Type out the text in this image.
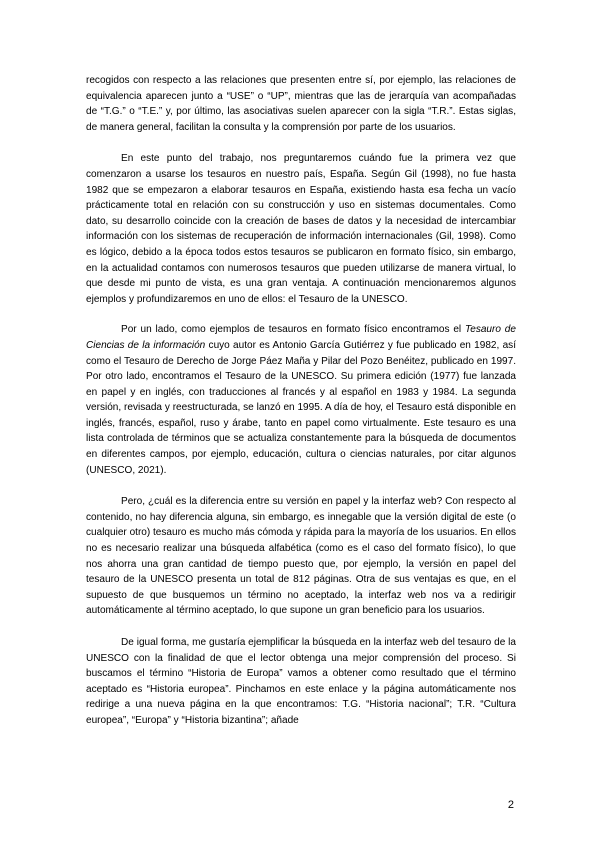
recogidos con respecto a las relaciones que presenten entre sí, por ejemplo, las relaciones de equivalencia aparecen junto a “USE” o “UP”, mientras que las de jerarquía van acompañadas de “T.G.” o “T.E.” y, por último, las asociativas suelen aparecer con la sigla “T.R.”. Estas siglas, de manera general, facilitan la consulta y la comprensión por parte de los usuarios.

En este punto del trabajo, nos preguntaremos cuándo fue la primera vez que comenzaron a usarse los tesauros en nuestro país, España. Según Gil (1998), no fue hasta 1982 que se empezaron a elaborar tesauros en España, existiendo hasta esa fecha un vacío prácticamente total en relación con su construcción y uso en sistemas documentales. Como dato, su desarrollo coincide con la creación de bases de datos y la necesidad de intercambiar información con los sistemas de recuperación de información internacionales (Gil, 1998). Como es lógico, debido a la época todos estos tesauros se publicaron en formato físico, sin embargo, en la actualidad contamos con numerosos tesauros que pueden utilizarse de manera virtual, lo que desde mi punto de vista, es una gran ventaja. A continuación mencionaremos algunos ejemplos y profundizaremos en uno de ellos: el Tesauro de la UNESCO.

Por un lado, como ejemplos de tesauros en formato físico encontramos el Tesauro de Ciencias de la información cuyo autor es Antonio García Gutiérrez y fue publicado en 1982, así como el Tesauro de Derecho de Jorge Páez Maña y Pilar del Pozo Benéitez, publicado en 1997. Por otro lado, encontramos el Tesauro de la UNESCO. Su primera edición (1977) fue lanzada en papel y en inglés, con traducciones al francés y al español en 1983 y 1984. La segunda versión, revisada y reestructurada, se lanzó en 1995. A día de hoy, el Tesauro está disponible en inglés, francés, español, ruso y árabe, tanto en papel como virtualmente. Este tesauro es una lista controlada de términos que se actualiza constantemente para la búsqueda de documentos en diferentes campos, por ejemplo, educación, cultura o ciencias naturales, por citar algunos (UNESCO, 2021).

Pero, ¿cuál es la diferencia entre su versión en papel y la interfaz web? Con respecto al contenido, no hay diferencia alguna, sin embargo, es innegable que la versión digital de este (o cualquier otro) tesauro es mucho más cómoda y rápida para la mayoría de los usuarios. En ellos no es necesario realizar una búsqueda alfabética (como es el caso del formato físico), lo que nos ahorra una gran cantidad de tiempo puesto que, por ejemplo, la versión en papel del tesauro de la UNESCO presenta un total de 812 páginas. Otra de sus ventajas es que, en el supuesto de que busquemos un término no aceptado, la interfaz web nos va a redirigir automáticamente al término aceptado, lo que supone un gran beneficio para los usuarios.

De igual forma, me gustaría ejemplificar la búsqueda en la interfaz web del tesauro de la UNESCO con la finalidad de que el lector obtenga una mejor comprensión del proceso. Si buscamos el término “Historia de Europa” vamos a obtener como resultado que el término aceptado es “Historia europea”. Pinchamos en este enlace y la página automáticamente nos redirige a una nueva página en la que encontramos: T.G. “Historia nacional”; T.R. “Cultura europea”, “Europa” y “Historia bizantina”; añade

2
